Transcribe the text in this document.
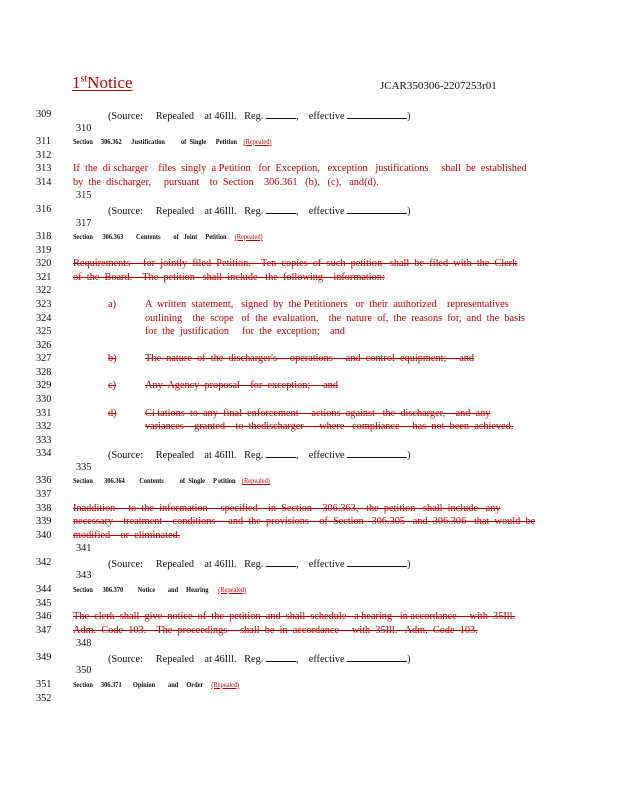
1stNotice	JCAR350306-2207253r01
309	(Source:     Repealed    at 46Ill.   Reg.	,    effective	)
310
311	Section     306.362      Justification          of  Single      Petition    (Repealed)
312
313	If  the  di scharger    files  singly  a Petition   for  Exception,   exception   justifications     shall  be  established
314	by  the  discharger,     pursuant    to  Section    306.361   (b),   (c),   and(d).
315
316	(Source:     Repealed    at 46Ill.   Reg.	,    effective	)
317
318	Section      306.363        Contents        of   Joint     Petition     (Repealed)
319
320	Requirements     for  jointly  filed  Petition.    Ten  copies  of  such  petition   shall  be  filed  with  the  Clerk
321	of  the  Board.    The  petition   shall  include   the  following    information:
322
323	a)	A  written  statement,   signed  by  the Petitioners   or  their  authorized    representatives
324	outlining    the  scope   of  the  evaluation,    the  nature  of,  the  reasons  for,  and  the  basis
325	for  the  justification     for  the  exception;    and
326
327	b)	The  nature  of  the  discharger's     operations     and  control  equipment;     and
328
329	c)	Any  Agency  proposal    for  exception;     and
330
331	d)	Ci tations  to  any  final  enforcement     actions  against   the  discharger,    and  any
332	variances    granted    to  thedischarger      where   compliance     has  not  been  achieved.
333
334	(Source:     Repealed    at 46Ill.   Reg.	,    effective	)
335
336	Section       306.364         Contents          of  Single     P etition    (Repealed)
337
338	Inaddition     to  the  information     specified    in  Section    306.363,   the  petition   shall  include   any
339	necessary    treatment    conditions     and  the  provisions    of  Section   306.305   and  306.306   that  would  be
340	modified    or  eliminated.
341
342	(Source:     Repealed    at 46Ill.   Reg.	,    effective	)
343
344	Section      306.370         Notice        and     Hearing      (Repealed)
345
346	The  clerk  shall  give  notice  of  the  petition  and  shall  schedule   a hearing   in accordance     with  35Ill.
347	Adm.  Code  103.    The  proceedings     shall  be  in  accordance     with  35Ill.   Adm.  Code  103.
348
349	(Source:     Repealed    at 46Ill.   Reg.	,    effective	)
350
351	Section     306.371       Opinion        and     Order     (Repealed)
352
